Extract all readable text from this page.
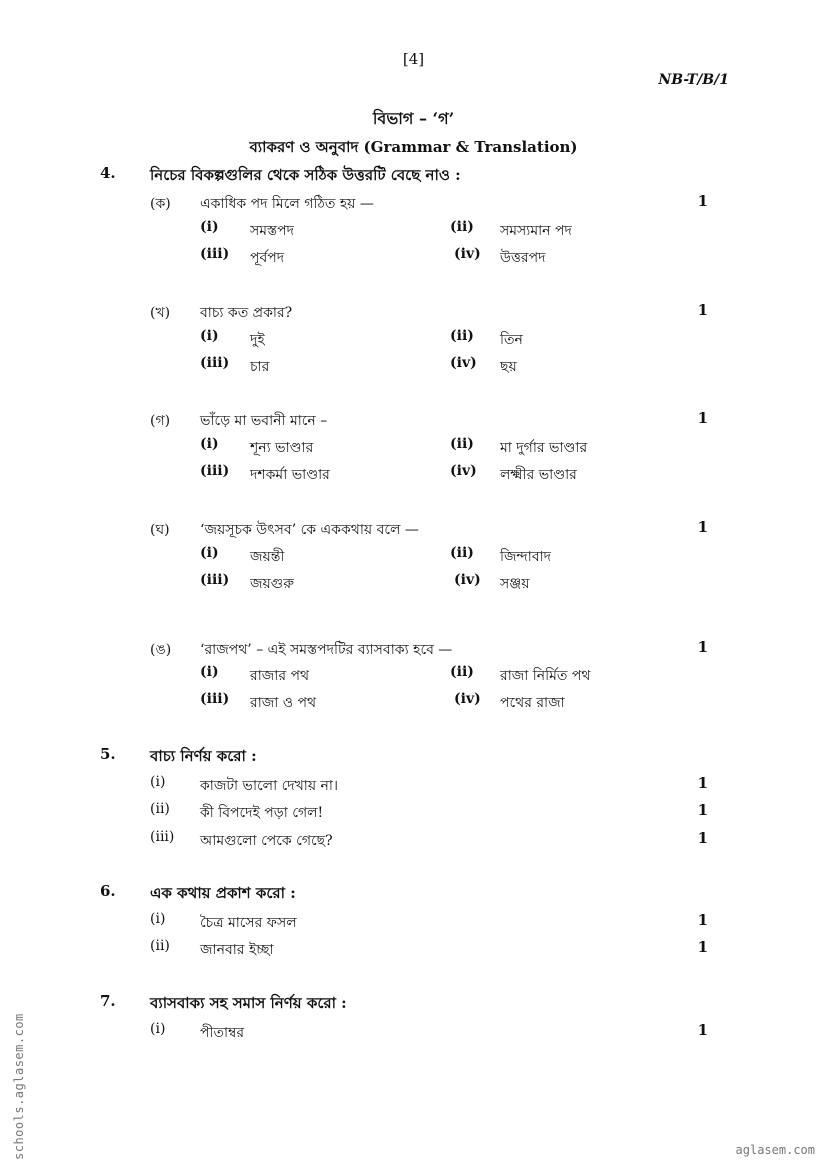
[4]
NB-T/B/1
বিভাগ – ‘গ’
ব্যাকরণ ও অনুবাদ (Grammar & Translation)
4. নিচের বিকল্পগুলির থেকে সঠিক উত্তরটি বেছে নাও :
(ক) একাধিক পদ মিলে গঠিত হয় —	1
(i) সমস্তপদ	(ii) সমস্যমান পদ
(iii) পূর্বপদ	(iv) উত্তরপদ
(খ) বাচ্য কত প্রকার?	1
(i) দুই	(ii) তিন
(iii) চার	(iv) ছয়
(গ) ভাঁড়ে মা ভবানী মানে –	1
(i) শূন্য ভাণ্ডার	(ii) মা দুর্গার ভাণ্ডার
(iii) দশকর্মা ভাণ্ডার	(iv) লক্ষ্মীর ভাণ্ডার
(ঘ) ‘জয়সূচক উৎসব’ কে এককথায় বলে —	1
(i) জয়ন্তী	(ii) জিন্দাবাদ
(iii) জয়গুরু	(iv) সঞ্জয়
(ঙ) ‘রাজপথ’ – এই সমস্তপদটির ব্যাসবাক্য হবে —	1
(i) রাজার পথ	(ii) রাজা নির্মিত পথ
(iii) রাজা ও পথ	(iv) পথের রাজা
5. বাচ্য নির্ণয় করো :
(i) কাজটা ভালো দেখায় না।	1
(ii) কী বিপদেই পড়া গেল!	1
(iii) আমগুলো পেকে গেছে?	1
6. এক কথায় প্রকাশ করো :
(i) চৈত্র মাসের ফসল	1
(ii) জানবার ইচ্ছা	1
7. ব্যাসবাক্য সহ সমাস নির্ণয় করো :
(i) পীতাম্বর	1
schools.aglasem.com	aglasem.com
